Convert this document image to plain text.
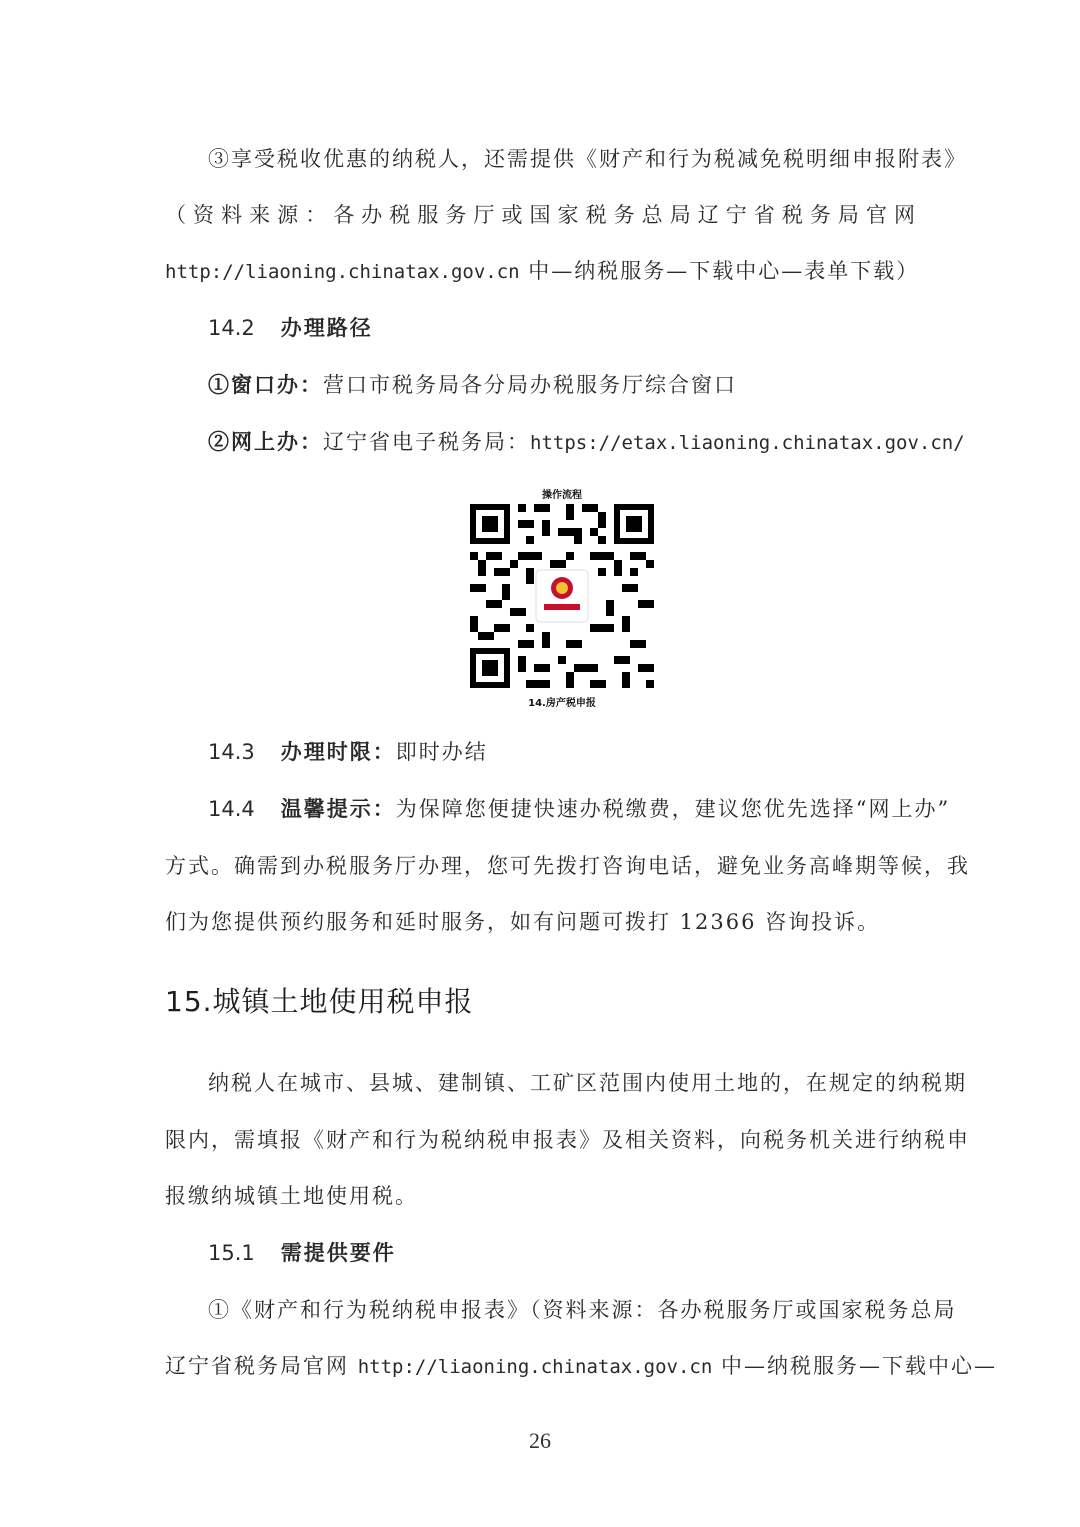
③享受税收优惠的纳税人，还需提供《财产和行为税减免税明细申报附表》
（资料来源：各办税服务厅或国家税务总局辽宁省税务局官网
http://liaoning.chinatax.gov.cn 中—纳税服务—下载中心—表单下载）
14.2 办理路径
①窗口办：营口市税务局各分局办税服务厅综合窗口
②网上办：辽宁省电子税务局：https://etax.liaoning.chinatax.gov.cn/
操作流程
14.房产税申报
14.3 办理时限：即时办结
14.4 温馨提示：为保障您便捷快速办税缴费，建议您优先选择“网上办”
方式。确需到办税服务厅办理，您可先拨打咨询电话，避免业务高峰期等候，我
们为您提供预约服务和延时服务，如有问题可拨打 12366 咨询投诉。
15.城镇土地使用税申报
纳税人在城市、县城、建制镇、工矿区范围内使用土地的，在规定的纳税期
限内，需填报《财产和行为税纳税申报表》及相关资料，向税务机关进行纳税申
报缴纳城镇土地使用税。
15.1 需提供要件
①《财产和行为税纳税申报表》（资料来源：各办税服务厅或国家税务总局
辽宁省税务局官网 http://liaoning.chinatax.gov.cn 中—纳税服务—下载中心—
26
